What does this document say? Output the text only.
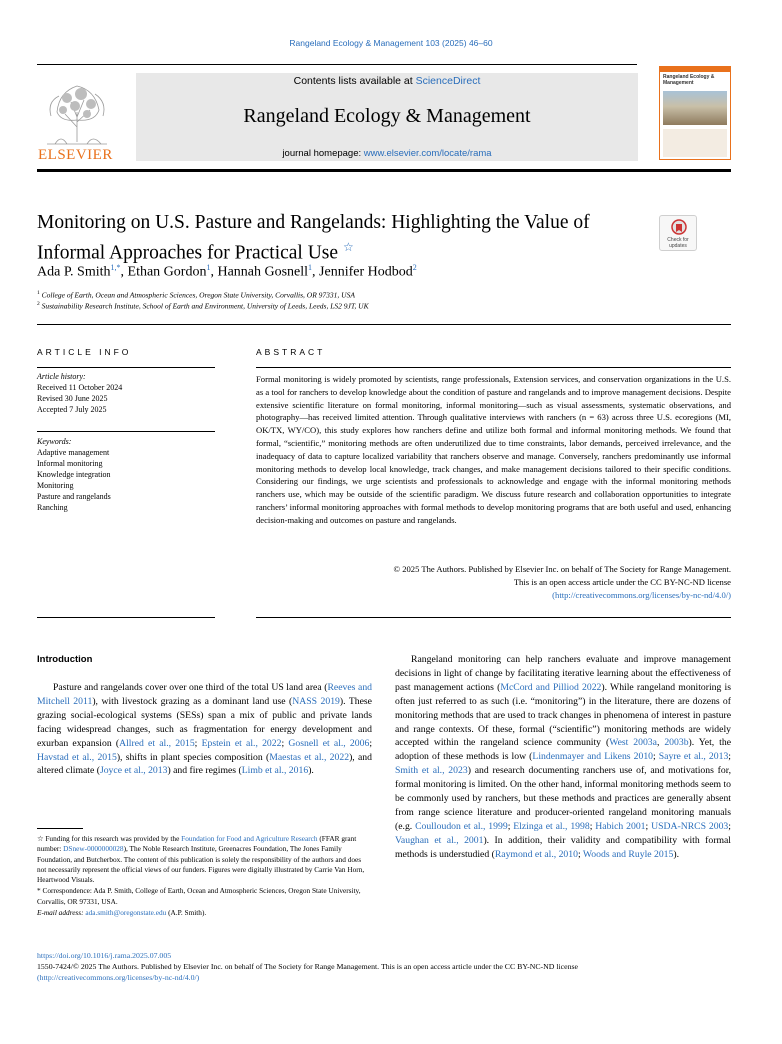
Rangeland Ecology & Management 103 (2025) 46–60
ELSEVIER
Contents lists available at ScienceDirect
Rangeland Ecology & Management
journal homepage: www.elsevier.com/locate/rama
Rangeland Ecology & Management
Monitoring on U.S. Pasture and Rangelands: Highlighting the Value of Informal Approaches for Practical Use ☆	Check for updates
Ada P. Smith$^{1,*}$, Ethan Gordon$^1$, Hannah Gosnell$^1$, Jennifer Hodbod$^2$
$^1$ College of Earth, Ocean and Atmospheric Sciences, Oregon State University, Corvallis, OR 97331, USA
$^2$ Sustainability Research Institute, School of Earth and Environment, University of Leeds, Leeds, LS2 9JT, UK
ARTICLE INFO
Article history:
Received 11 October 2024
Revised 30 June 2025
Accepted 7 July 2025
Keywords:
Adaptive management
Informal monitoring
Knowledge integration
Monitoring
Pasture and rangelands
Ranching
ABSTRACT
Formal monitoring is widely promoted by scientists, range professionals, Extension services, and conservation organizations in the U.S. as a tool for ranchers to develop knowledge about the condition of pasture and rangelands and to improve management decisions. Despite extensive scientific literature on formal monitoring, informal monitoring—such as visual assessments, systematic observations, and photography—has received limited attention. Through qualitative interviews with ranchers (n = 63) across three U.S. ecoregions (MI, OK/TX, WY/CO), this study explores how ranchers define and utilize both formal and informal monitoring methods. We found that formal, “scientific,” monitoring methods are often underutilized due to time constraints, labor demands, perceived irrelevance, and the inadequacy of data to capture localized variability that ranchers observe and manage. Conversely, ranchers predominantly use informal monitoring methods to develop local knowledge, track changes, and make management decisions tailored to their specific conditions. Considering our findings, we urge scientists and professionals to acknowledge and engage with the informal monitoring methods ranchers use, which may be outside of the scientific paradigm. We discuss future research and collaboration opportunities to integrate ranchers’ informal monitoring approaches with formal methods to develop monitoring programs that are both useful and used, enhancing decision-making and outcomes on pasture and rangelands.
© 2025 The Authors. Published by Elsevier Inc. on behalf of The Society for Range Management.
This is an open access article under the CC BY-NC-ND license
(http://creativecommons.org/licenses/by-nc-nd/4.0/)
Introduction

Pasture and rangelands cover over one third of the total US land area (Reeves and Mitchell 2011), with livestock grazing as a dominant land use (NASS 2019). These grazing social-ecological systems (SESs) span a mix of public and private lands facing widespread changes, such as fragmentation for energy development and exurban expansion (Allred et al., 2015; Epstein et al., 2022; Gosnell et al., 2006; Havstad et al., 2015), shifts in plant species composition (Maestas et al., 2022), and altered climate (Joyce et al., 2013) and fire regimes (Limb et al., 2016).

Rangeland monitoring can help ranchers evaluate and improve management decisions in light of change by facilitating iterative learning about the effectiveness of past management actions (McCord and Pilliod 2022). While rangeland monitoring is often just referred to as such (i.e. “monitoring”) in the literature, there are dozens of monitoring methods that are used to track changes in phenomena of interest in pasture and range contexts. Of these, formal (“scientific”) monitoring methods are widely accepted within the rangeland science community (West 2003a, 2003b). Yet, the adoption of these methods is low (Lindenmayer and Likens 2010; Sayre et al., 2013; Smith et al., 2023) and research documenting ranchers use of, and motivations for, formal monitoring is limited. On the other hand, informal monitoring methods seem to be commonly used by ranchers, but these methods and practices are generally absent from range science literature and producer-oriented rangeland monitoring manuals (e.g. Coulloudon et al., 1999; Elzinga et al., 1998; Habich 2001; USDA-NRCS 2003; Vaughan et al., 2001). In addition, their validity and compatibility with formal methods is understudied (Raymond et al., 2010; Woods and Ruyle 2015).

☆ Funding for this research was provided by the Foundation for Food and Agriculture Research (FFAR grant number: DSnew-0000000028), The Noble Research Institute, Greenacres Foundation, The Jones Family Foundation, and Butcherbox. The content of this publication is solely the responsibility of the authors and does not necessarily represent the official views of our funders. Figures were digitally illustrated by Carrie Van Horn, Heartwood Visuals.

* Correspondence: Ada P. Smith, College of Earth, Ocean and Atmospheric Sciences, Oregon State University, Corvallis, OR 97331, USA.

E-mail address: ada.smith@oregonstate.edu (A.P. Smith).

https://doi.org/10.1016/j.rama.2025.07.005
1550-7424/© 2025 The Authors. Published by Elsevier Inc. on behalf of The Society for Range Management. This is an open access article under the CC BY-NC-ND license
(http://creativecommons.org/licenses/by-nc-nd/4.0/)
